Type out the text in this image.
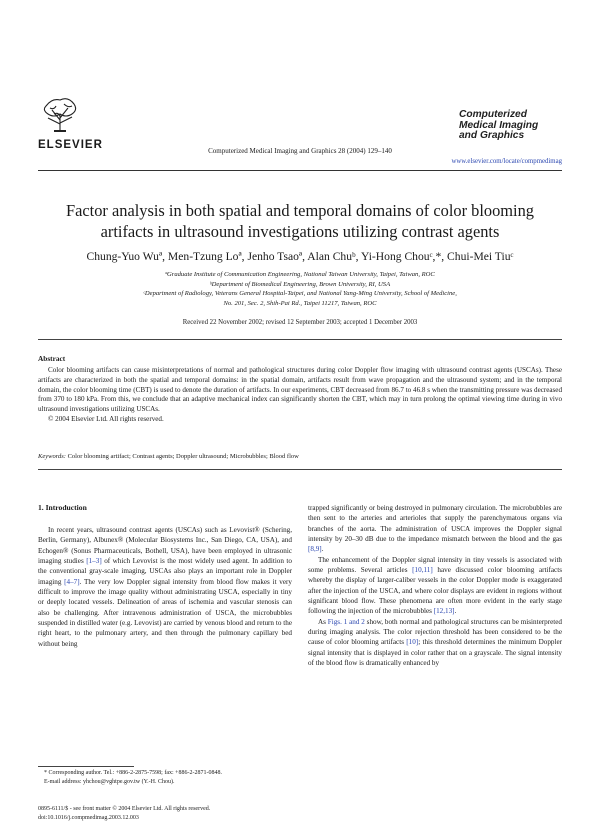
ELSEVIER	Computerized Medical Imaging and Graphics 28 (2004) 129–140
Computerized
Medical Imaging
and Graphics
www.elsevier.com/locate/compmedimag
Factor analysis in both spatial and temporal domains of color blooming
artifacts in ultrasound investigations utilizing contrast agents
Chung-Yuo Wuª, Men-Tzung Loª, Jenho Tsaoª, Alan Chuᵇ, Yi-Hong Chouᶜ,*, Chui-Mei Tiuᶜ
ªGraduate Institute of Communication Engineering, National Taiwan University, Taipei, Taiwan, ROC
ᵇDepartment of Biomedical Engineering, Brown University, RI, USA
ᶜDepartment of Radiology, Veterans General Hospital-Taipei, and National Yang-Ming University, School of Medicine,
No. 201, Sec. 2, Shih-Pai Rd., Taipei 11217, Taiwan, ROC
Received 22 November 2002; revised 12 September 2003; accepted 1 December 2003
Abstract

Color blooming artifacts can cause misinterpretations of normal and pathological structures during color Doppler flow imaging with ultrasound contrast agents (USCAs). These artifacts are characterized in both the spatial and temporal domains: in the spatial domain, artifacts result from wave propagation and the ultrasound system; and in the temporal domain, the color blooming time (CBT) is used to denote the duration of artifacts. In our experiments, CBT decreased from 86.7 to 46.8 s when the transmitting pressure was decreased from 370 to 180 kPa. From this, we conclude that an adaptive mechanical index can significantly shorten the CBT, which may in turn prolong the optimal viewing time during in vivo ultrasound investigations utilizing USCAs.

© 2004 Elsevier Ltd. All rights reserved.

Keywords: Color blooming artifact; Contrast agents; Doppler ultrasound; Microbubbles; Blood flow
1. Introduction

In recent years, ultrasound contrast agents (USCAs) such as Levovist® (Schering, Berlin, Germany), Albunex® (Molecular Biosystems Inc., San Diego, CA, USA), and Echogen® (Sonus Pharmaceuticals, Bothell, USA), have been employed in ultrasonic imaging studies [1–3] of which Levovist is the most widely used agent. In addition to the conventional gray-scale imaging, USCAs also plays an important role in Doppler imaging [4–7]. The very low Doppler signal intensity from blood flow makes it very difficult to improve the image quality without administrating USCA, especially in tiny or deeply located vessels. Delineation of areas of ischemia and vascular stenosis can also be challenging. After intravenous administration of USCA, the microbubbles suspended in distilled water (e.g. Levovist) are carried by venous blood and return to the right heart, to the pulmonary artery, and then through the pulmonary capillary bed without being

trapped significantly or being destroyed in pulmonary circulation. The microbubbles are then sent to the arteries and arterioles that supply the parenchymatous organs via branches of the aorta. The administration of USCA improves the Doppler signal intensity by 20–30 dB due to the impedance mismatch between the blood and the gas [8,9].

The enhancement of the Doppler signal intensity in tiny vessels is associated with some problems. Several articles [10,11] have discussed color blooming artifacts whereby the display of larger-caliber vessels in the color Doppler mode is exaggerated after the injection of the USCA, and where color displays are evident in regions without significant blood flow. These phenomena are often more evident in the early stage following the injection of the microbubbles [12,13].

As Figs. 1 and 2 show, both normal and pathological structures can be misinterpreted during imaging analysis. The color rejection threshold has been considered to be the cause of color blooming artifacts [10]; this threshold determines the minimum Doppler signal intensity that is displayed in color rather that on a grayscale. The signal intensity of the blood flow is dramatically enhanced by

* Corresponding author. Tel.: +886-2-2875-7598; fax: +886-2-2871-0848.

E-mail address: yhchou@vghtpe.gov.tw (Y.-H. Chou).

0895-6111/$ - see front matter © 2004 Elsevier Ltd. All rights reserved.
doi:10.1016/j.compmedimag.2003.12.003
